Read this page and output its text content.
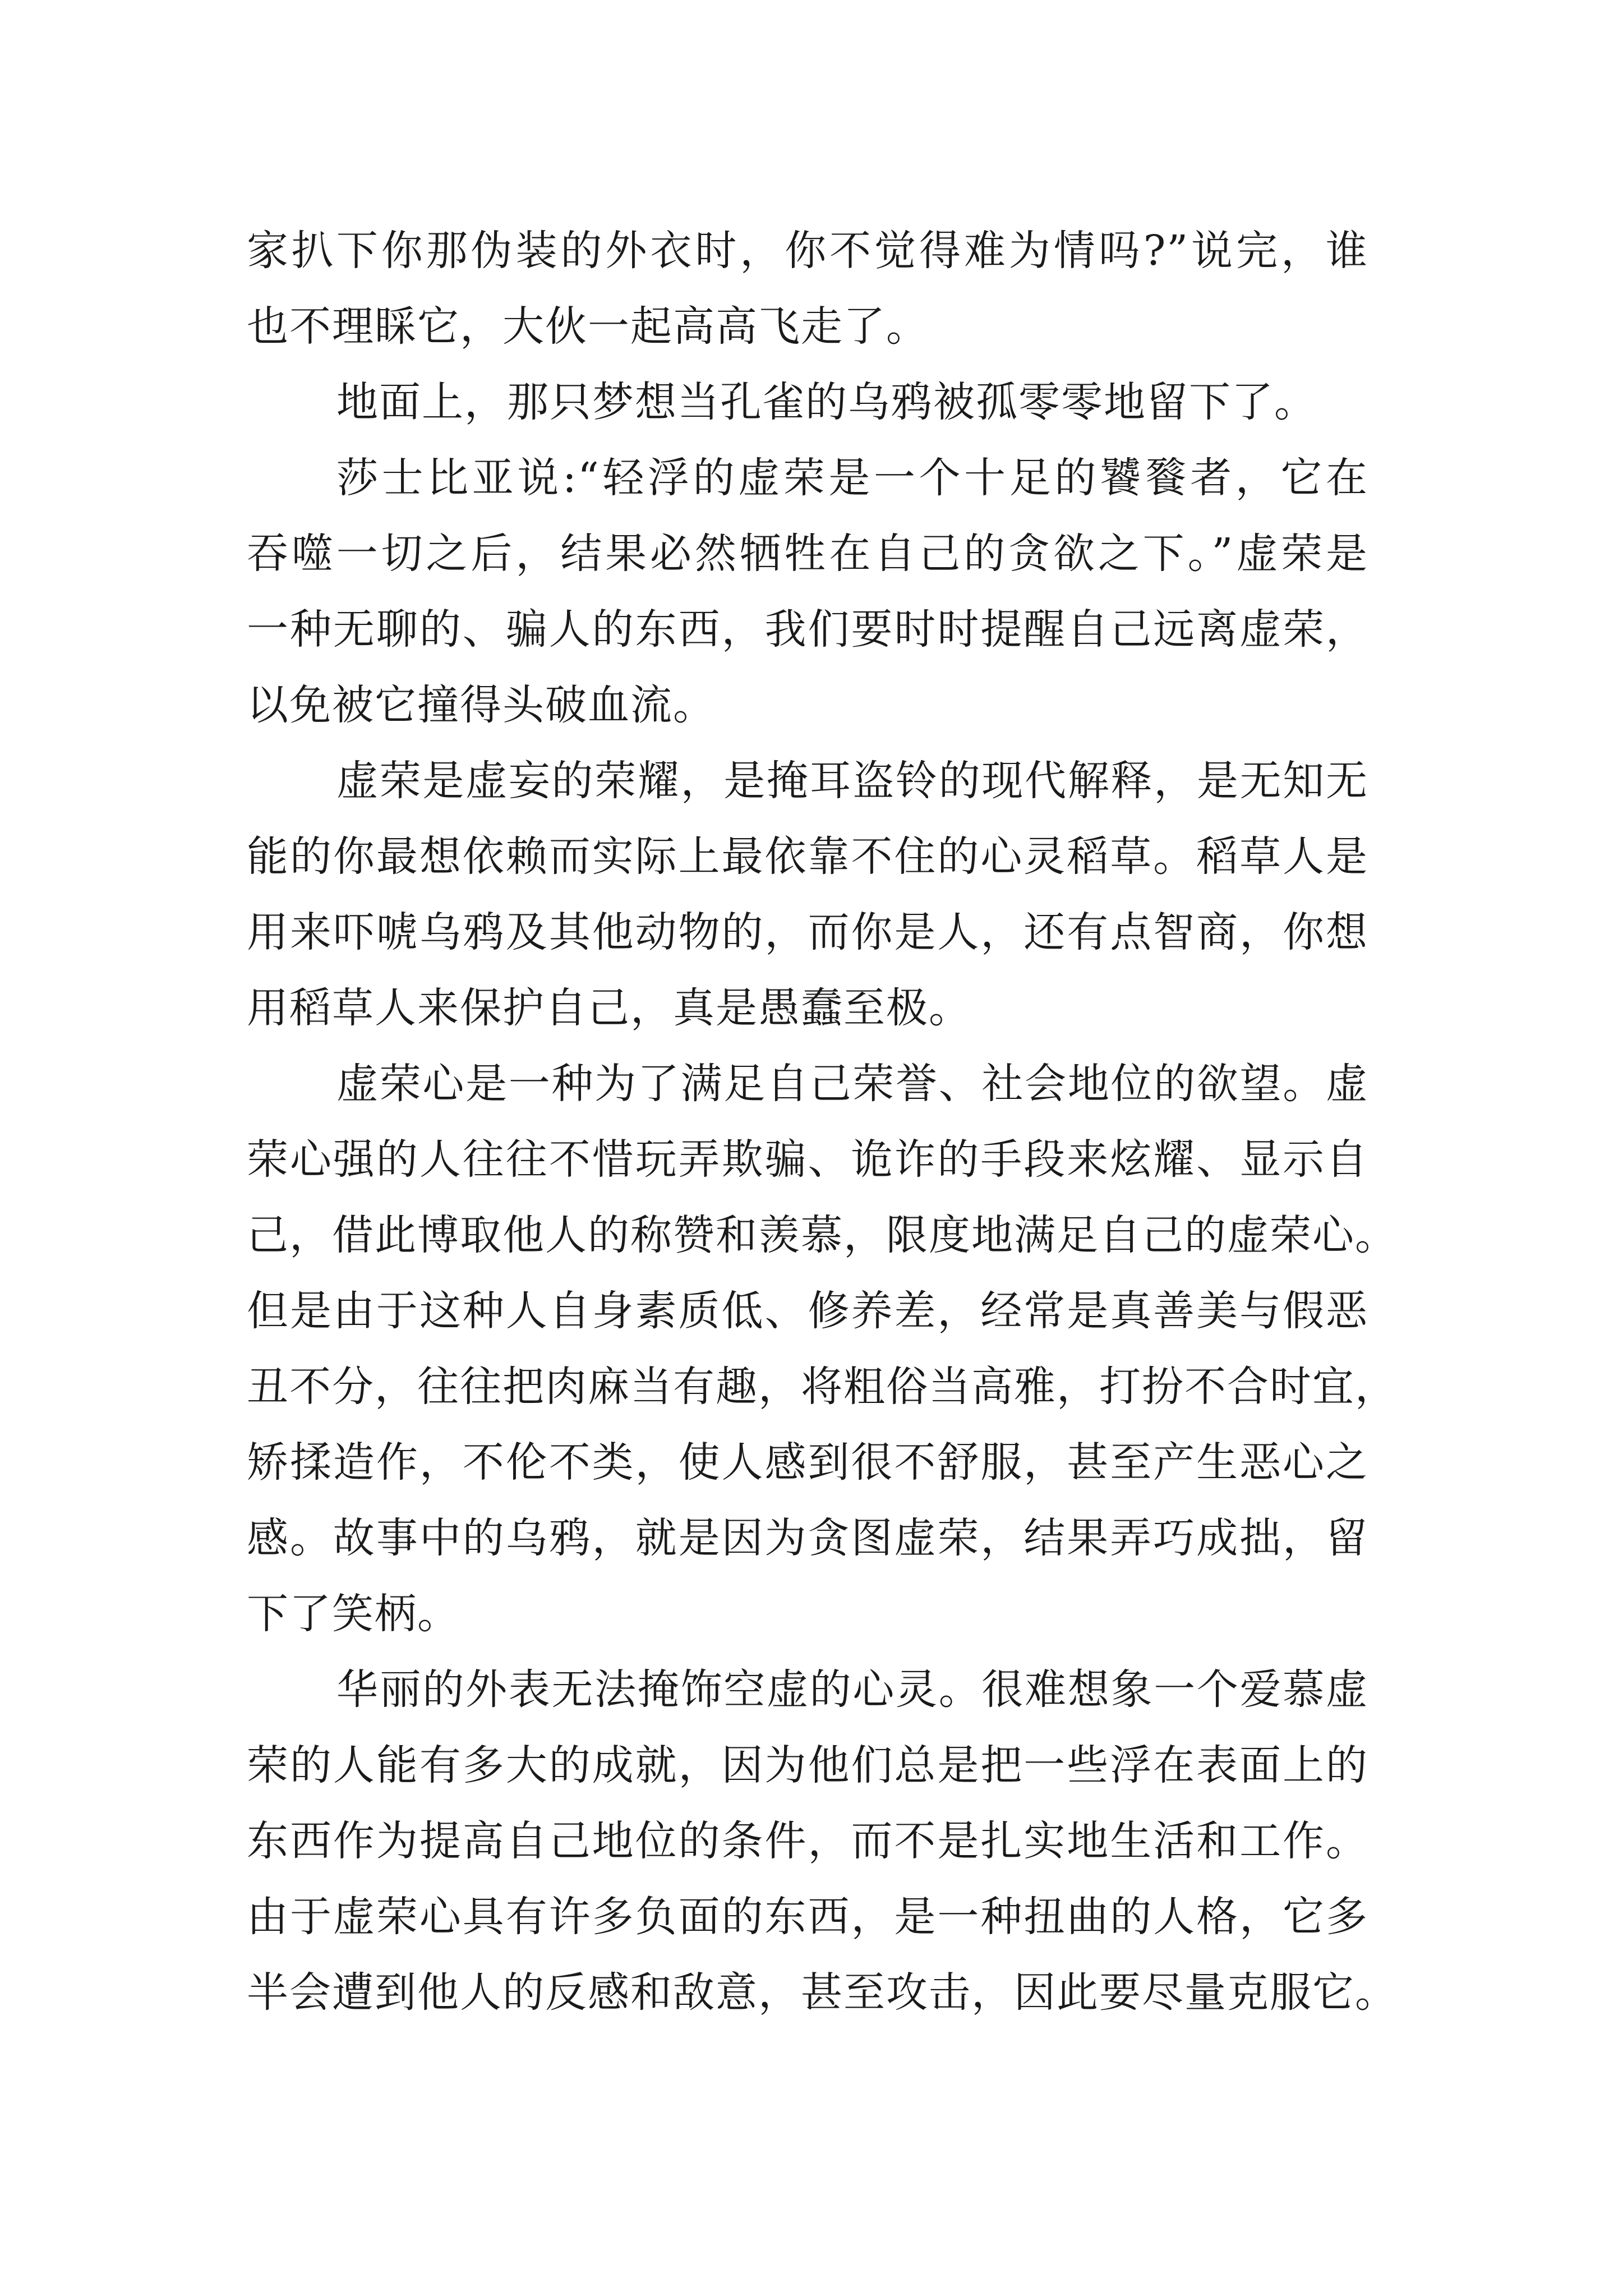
家扒下你那伪装的外衣时，你不觉得难为情吗?”说完，谁
也不理睬它，大伙一起高高飞走了。
地面上，那只梦想当孔雀的乌鸦被孤零零地留下了。
莎士比亚说:“轻浮的虚荣是一个十足的饕餮者，它在
吞噬一切之后，结果必然牺牲在自己的贪欲之下。”虚荣是
一种无聊的、骗人的东西，我们要时时提醒自己远离虚荣，
以免被它撞得头破血流。
虚荣是虚妄的荣耀，是掩耳盗铃的现代解释，是无知无
能的你最想依赖而实际上最依靠不住的心灵稻草。稻草人是
用来吓唬乌鸦及其他动物的，而你是人，还有点智商，你想
用稻草人来保护自己，真是愚蠢至极。
虚荣心是一种为了满足自己荣誉、社会地位的欲望。虚
荣心强的人往往不惜玩弄欺骗、诡诈的手段来炫耀、显示自
己，借此博取他人的称赞和羡慕，限度地满足自己的虚荣心。
但是由于这种人自身素质低、修养差，经常是真善美与假恶
丑不分，往往把肉麻当有趣，将粗俗当高雅，打扮不合时宜，
矫揉造作，不伦不类，使人感到很不舒服，甚至产生恶心之
感。故事中的乌鸦，就是因为贪图虚荣，结果弄巧成拙，留
下了笑柄。
华丽的外表无法掩饰空虚的心灵。很难想象一个爱慕虚
荣的人能有多大的成就，因为他们总是把一些浮在表面上的
东西作为提高自己地位的条件，而不是扎实地生活和工作。
由于虚荣心具有许多负面的东西，是一种扭曲的人格，它多
半会遭到他人的反感和敌意，甚至攻击，因此要尽量克服它。
